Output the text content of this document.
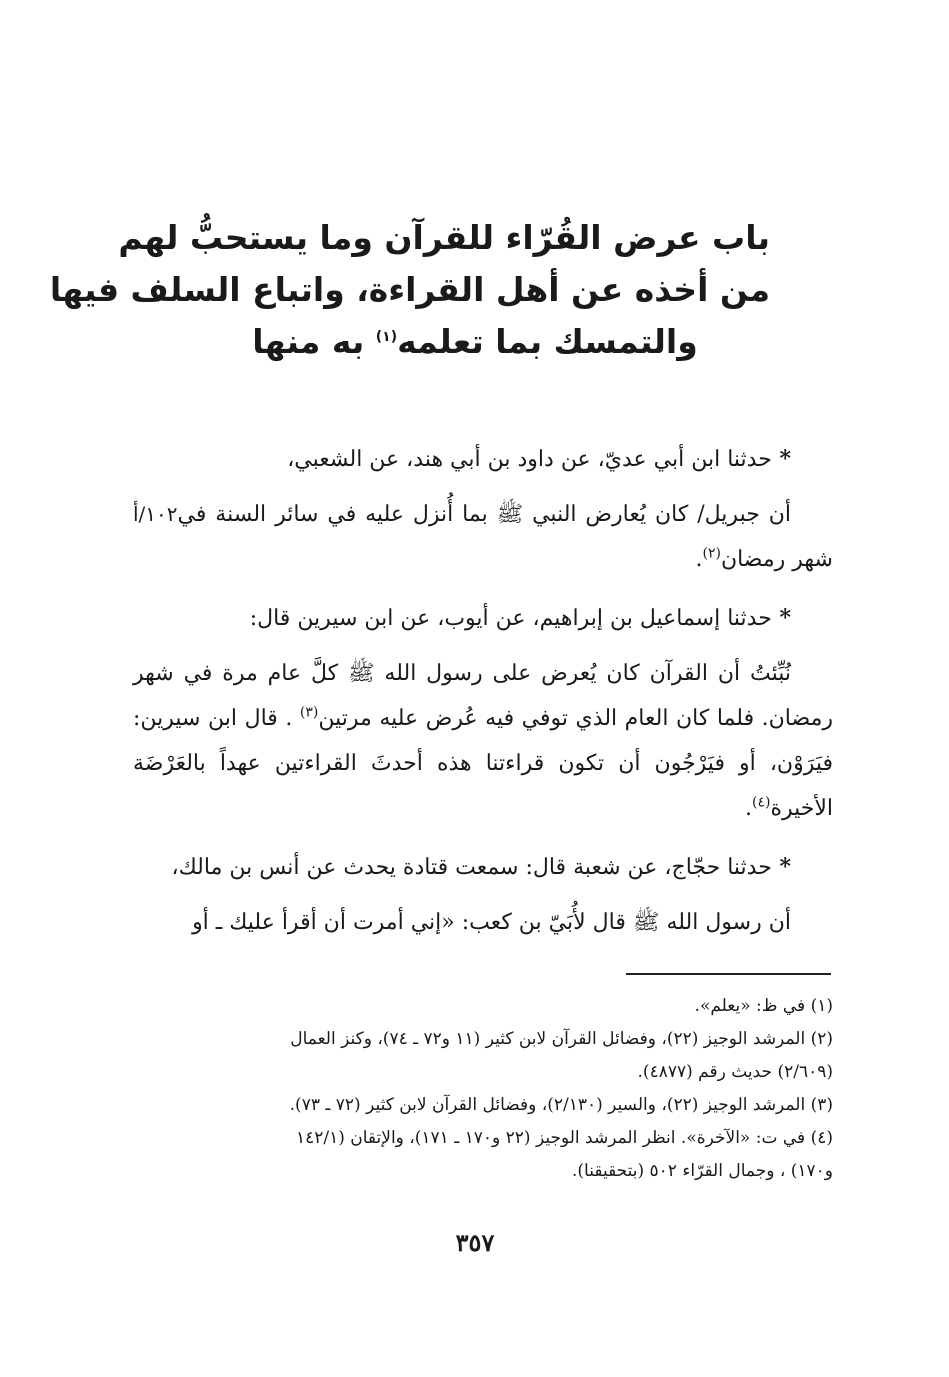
باب عرض القُرّاء للقرآن وما يستحبُّ لهم
من أخذه عن أهل القراءة، واتباع السلف فيها
والتمسك بما تعلمه$^{(١)}$ به منها

* حدثنا ابن أبي عديّ، عن داود بن أبي هند، عن الشعبي،

أن جبريل/ كان يُعارض النبي ﷺ بما أُنزل عليه في سائر السنة في١٠٢/أ شهر رمضان$^{(٢)}$.

* حدثنا إسماعيل بن إبراهيم، عن أيوب، عن ابن سيرين قال:

نُبِّئتُ أن القرآن كان يُعرض على رسول الله ﷺ كلَّ عام مرة في شهر رمضان. فلما كان العام الذي توفي فيه عُرض عليه مرتين$^{(٣)}$ . قال ابن سيرين: فيَرَوْن، أو فيَرْجُون أن تكون قراءتنا هذه أحدثَ القراءتين عهداً بالعَرْضَة الأخيرة$^{(٤)}$.

* حدثنا حجّاج، عن شعبة قال: سمعت قتادة يحدث عن أنس بن مالك،

أن رسول الله ﷺ قال لأُبَيّ بن كعب: «إني أمرت أن أقرأ عليك ـ أو

(١) في ظ: «يعلم».

(٢) المرشد الوجيز (٢٢)، وفضائل القرآن لابن كثير (١١ و٧٢ ـ ٧٤)، وكنز العمال

(٢/٦٠٩) حديث رقم (٤٨٧٧).

(٣) المرشد الوجيز (٢٢)، والسير (٢/١٣٠)، وفضائل القرآن لابن كثير (٧٢ ـ ٧٣).

(٤) في ت: «الآخرة». انظر المرشد الوجيز (٢٢ و١٧٠ ـ ١٧١)، والإتقان (١٤٢/١

و١٧٠) ، وجمال القرّاء ٥٠٢ (بتحقيقنا).

٣٥٧
